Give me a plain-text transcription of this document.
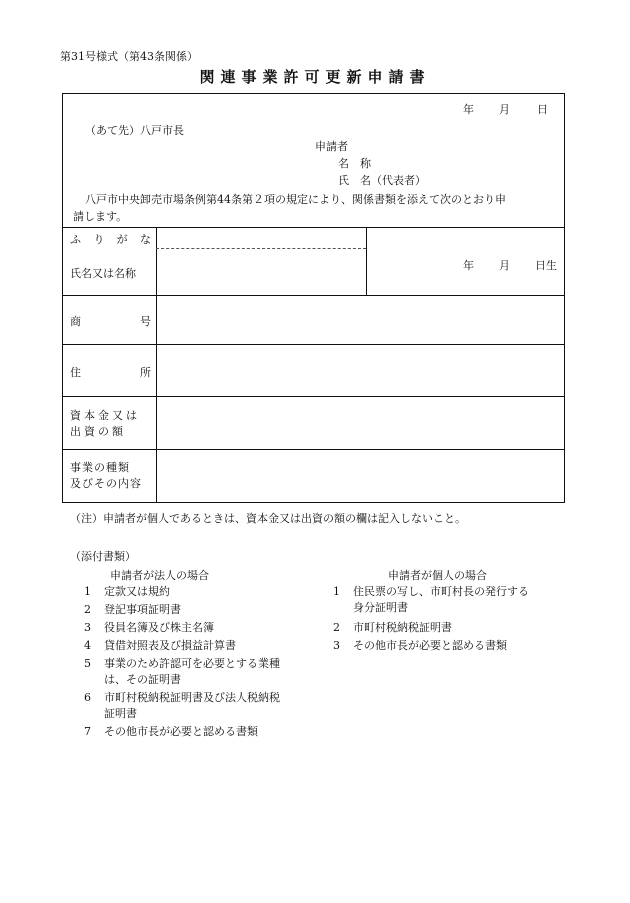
第31号様式（第43条関係）
関連事業許可更新申請書
年 月 日
（あて先）八戸市長
申請者
名　称
氏　名（代表者）
八戸市中央卸売市場条例第44条第２項の規定により、関係書類を添えて次のとおり申
請します。
ふ り が な
氏名又は名称
年 月 日生
商	号
住	所
資本金又は
出資の額
事業の種類
及びその内容
（注）申請者が個人であるときは、資本金又は出資の額の欄は記入しないこと。
（添付書類）
申請者が法人の場合	申請者が個人の場合
1 定款又は規約
2 登記事項証明書
3 役員名簿及び株主名簿
4 貸借対照表及び損益計算書
5 事業のため許認可を必要とする業種
は、その証明書
6 市町村税納税証明書及び法人税納税
証明書
7 その他市長が必要と認める書類
1 住民票の写し、市町村長の発行する
身分証明書
2 市町村税納税証明書
3 その他市長が必要と認める書類
